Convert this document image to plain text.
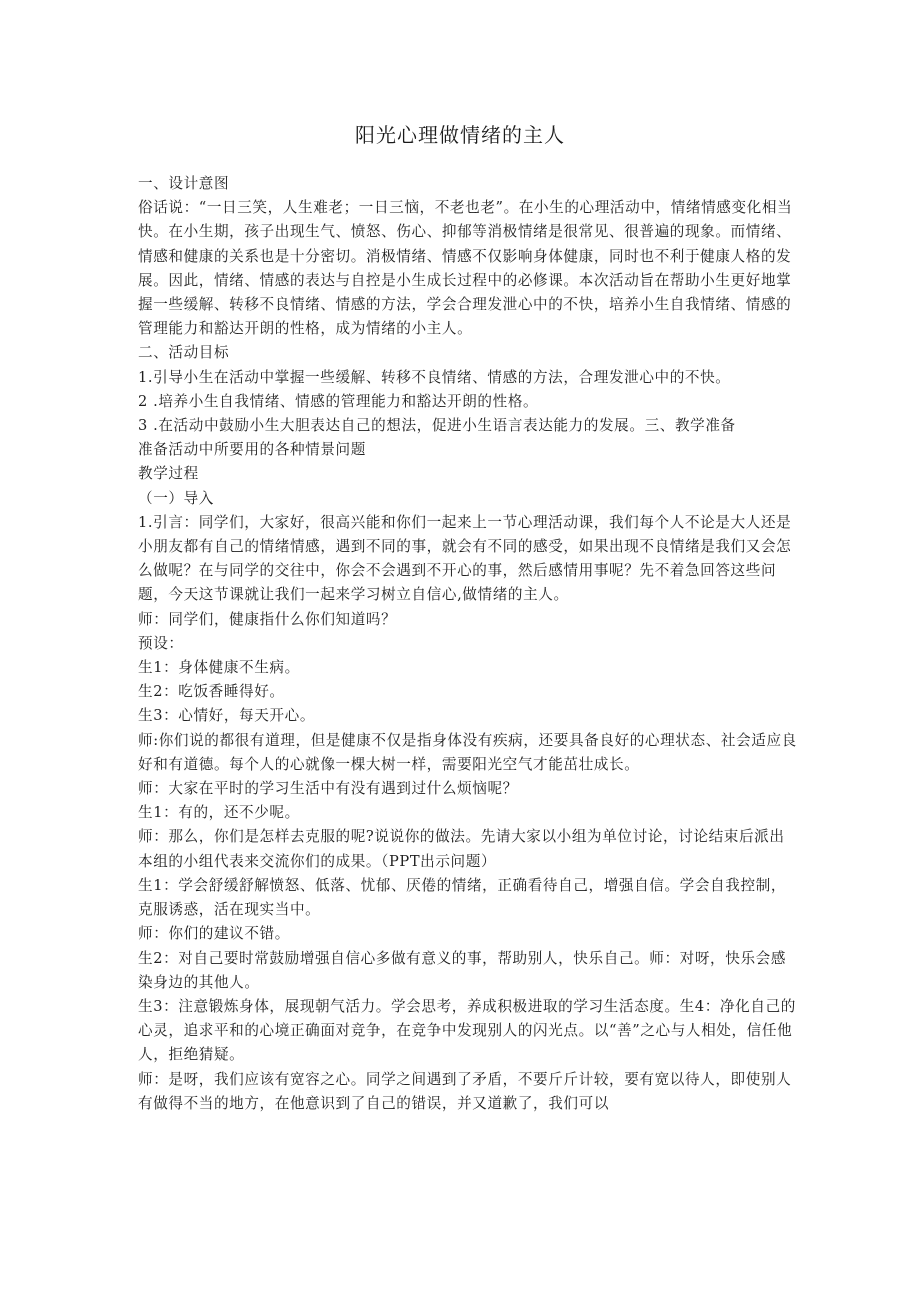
阳光心理做情绪的主人

一、设计意图

俗话说：“一日三笑，人生难老；一日三恼，不老也老”。在小生的心理活动中，情绪情感变化相当快。在小生期，孩子出现生气、愤怒、伤心、抑郁等消极情绪是很常见、很普遍的现象。而情绪、情感和健康的关系也是十分密切。消极情绪、情感不仅影响身体健康，同时也不利于健康人格的发展。因此，情绪、情感的表达与自控是小生成长过程中的必修课。本次活动旨在帮助小生更好地掌握一些缓解、转移不良情绪、情感的方法，学会合理发泄心中的不快，培养小生自我情绪、情感的管理能力和豁达开朗的性格，成为情绪的小主人。

二、活动目标

1.引导小生在活动中掌握一些缓解、转移不良情绪、情感的方法，合理发泄心中的不快。

2 .培养小生自我情绪、情感的管理能力和豁达开朗的性格。

3 .在活动中鼓励小生大胆表达自己的想法，促进小生语言表达能力的发展。三、教学准备

准备活动中所要用的各种情景问题

教学过程

（一）导入

1.引言：同学们，大家好，很高兴能和你们一起来上一节心理活动课，我们每个人不论是大人还是小朋友都有自己的情绪情感，遇到不同的事，就会有不同的感受，如果出现不良情绪是我们又会怎么做呢？在与同学的交往中，你会不会遇到不开心的事，然后感情用事呢？先不着急回答这些问题，今天这节课就让我们一起来学习树立自信心,做情绪的主人。

师：同学们，健康指什么你们知道吗？

预设：

生1：身体健康不生病。

生2：吃饭香睡得好。

生3：心情好，每天开心。

师:你们说的都很有道理，但是健康不仅是指身体没有疾病，还要具备良好的心理状态、社会适应良好和有道德。每个人的心就像一棵大树一样，需要阳光空气才能茁壮成长。

师：大家在平时的学习生活中有没有遇到过什么烦恼呢？

生1：有的，还不少呢。

师：那么，你们是怎样去克服的呢?说说你的做法。先请大家以小组为单位讨论，讨论结束后派出本组的小组代表来交流你们的成果。（PPT出示问题）

生1：学会舒缓舒解愤怒、低落、忧郁、厌倦的情绪，正确看待自己，增强自信。学会自我控制，克服诱惑，活在现实当中。

师：你们的建议不错。

生2：对自己要时常鼓励增强自信心多做有意义的事，帮助别人，快乐自己。师：对呀，快乐会感染身边的其他人。

生3：注意锻炼身体，展现朝气活力。学会思考，养成积极进取的学习生活态度。生4：净化自己的心灵，追求平和的心境正确面对竞争，在竞争中发现别人的闪光点。以“善”之心与人相处，信任他人，拒绝猜疑。

师：是呀，我们应该有宽容之心。同学之间遇到了矛盾，不要斤斤计较，要有宽以待人，即使别人有做得不当的地方，在他意识到了自己的错误，并又道歉了，我们可以
